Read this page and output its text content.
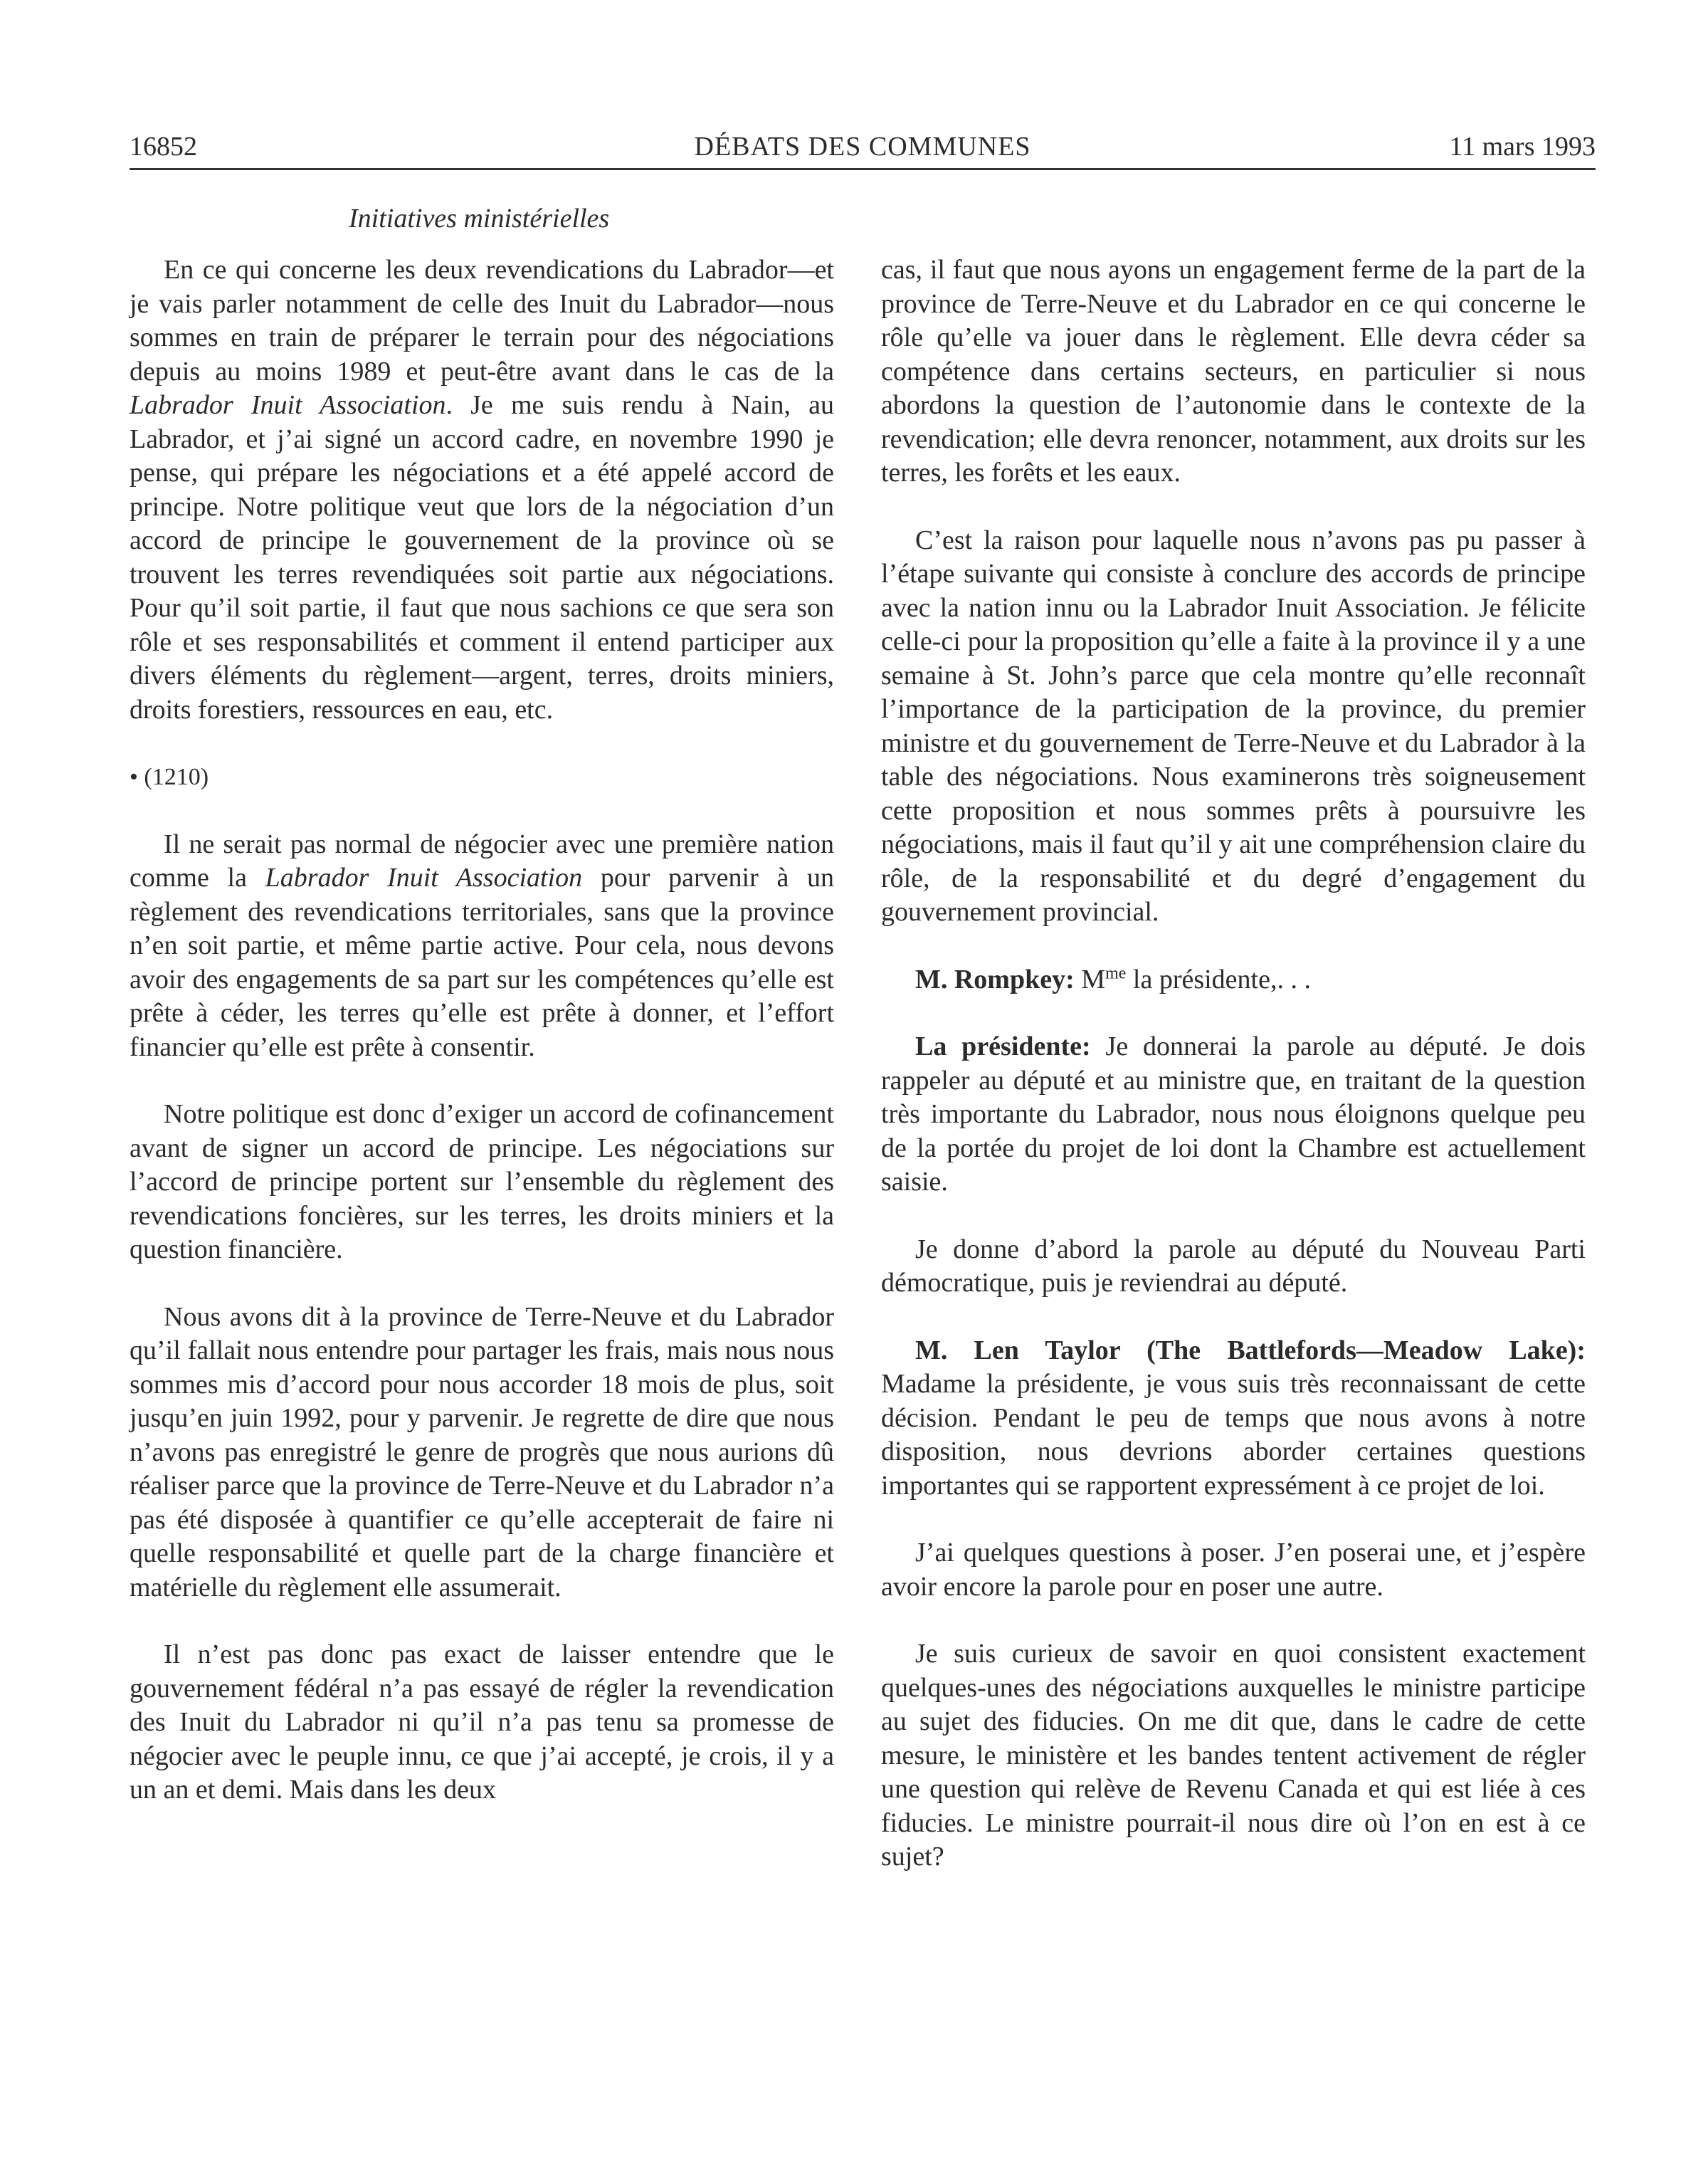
16852	DÉBATS DES COMMUNES	11 mars 1993
Initiatives ministérielles

En ce qui concerne les deux revendications du Labrador—et je vais parler notamment de celle des Inuit du Labrador—nous sommes en train de préparer le terrain pour des négociations depuis au moins 1989 et peut-être avant dans le cas de la Labrador Inuit Association. Je me suis rendu à Nain, au Labrador, et j’ai signé un accord cadre, en novembre 1990 je pense, qui prépare les négociations et a été appelé accord de principe. Notre politique veut que lors de la négociation d’un accord de principe le gouvernement de la province où se trouvent les terres revendiquées soit partie aux négociations. Pour qu’il soit partie, il faut que nous sachions ce que sera son rôle et ses responsabilités et comment il entend participer aux divers éléments du règlement—argent, terres, droits miniers, droits forestiers, ressources en eau, etc.

• (1210)

Il ne serait pas normal de négocier avec une première nation comme la Labrador Inuit Association pour parvenir à un règlement des revendications territoriales, sans que la province n’en soit partie, et même partie active. Pour cela, nous devons avoir des engagements de sa part sur les compétences qu’elle est prête à céder, les terres qu’elle est prête à donner, et l’effort financier qu’elle est prête à consentir.

Notre politique est donc d’exiger un accord de cofinancement avant de signer un accord de principe. Les négociations sur l’accord de principe portent sur l’ensemble du règlement des revendications foncières, sur les terres, les droits miniers et la question financière.

Nous avons dit à la province de Terre-Neuve et du Labrador qu’il fallait nous entendre pour partager les frais, mais nous nous sommes mis d’accord pour nous accorder 18 mois de plus, soit jusqu’en juin 1992, pour y parvenir. Je regrette de dire que nous n’avons pas enregistré le genre de progrès que nous aurions dû réaliser parce que la province de Terre-Neuve et du Labrador n’a pas été disposée à quantifier ce qu’elle accepterait de faire ni quelle responsabilité et quelle part de la charge financière et matérielle du règlement elle assumerait.

Il n’est pas donc pas exact de laisser entendre que le gouvernement fédéral n’a pas essayé de régler la revendication des Inuit du Labrador ni qu’il n’a pas tenu sa promesse de négocier avec le peuple innu, ce que j’ai accepté, je crois, il y a un an et demi. Mais dans les deux

cas, il faut que nous ayons un engagement ferme de la part de la province de Terre-Neuve et du Labrador en ce qui concerne le rôle qu’elle va jouer dans le règlement. Elle devra céder sa compétence dans certains secteurs, en particulier si nous abordons la question de l’autonomie dans le contexte de la revendication; elle devra renoncer, notamment, aux droits sur les terres, les forêts et les eaux.

C’est la raison pour laquelle nous n’avons pas pu passer à l’étape suivante qui consiste à conclure des accords de principe avec la nation innu ou la Labrador Inuit Association. Je félicite celle-ci pour la proposition qu’elle a faite à la province il y a une semaine à St. John’s parce que cela montre qu’elle reconnaît l’importance de la participation de la province, du premier ministre et du gouvernement de Terre-Neuve et du Labrador à la table des négociations. Nous examinerons très soigneusement cette proposition et nous sommes prêts à poursuivre les négociations, mais il faut qu’il y ait une compréhension claire du rôle, de la responsabilité et du degré d’engagement du gouvernement provincial.

M. Rompkey: $M^{me}$ la présidente,. . .

La présidente: Je donnerai la parole au député. Je dois rappeler au député et au ministre que, en traitant de la question très importante du Labrador, nous nous éloignons quelque peu de la portée du projet de loi dont la Chambre est actuellement saisie.

Je donne d’abord la parole au député du Nouveau Parti démocratique, puis je reviendrai au député.

M. Len Taylor (The Battlefords—Meadow Lake): Madame la présidente, je vous suis très reconnaissant de cette décision. Pendant le peu de temps que nous avons à notre disposition, nous devrions aborder certaines questions importantes qui se rapportent expressément à ce projet de loi.

J’ai quelques questions à poser. J’en poserai une, et j’espère avoir encore la parole pour en poser une autre.

Je suis curieux de savoir en quoi consistent exactement quelques-unes des négociations auxquelles le ministre participe au sujet des fiducies. On me dit que, dans le cadre de cette mesure, le ministère et les bandes tentent activement de régler une question qui relève de Revenu Canada et qui est liée à ces fiducies. Le ministre pourrait-il nous dire où l’on en est à ce sujet?
